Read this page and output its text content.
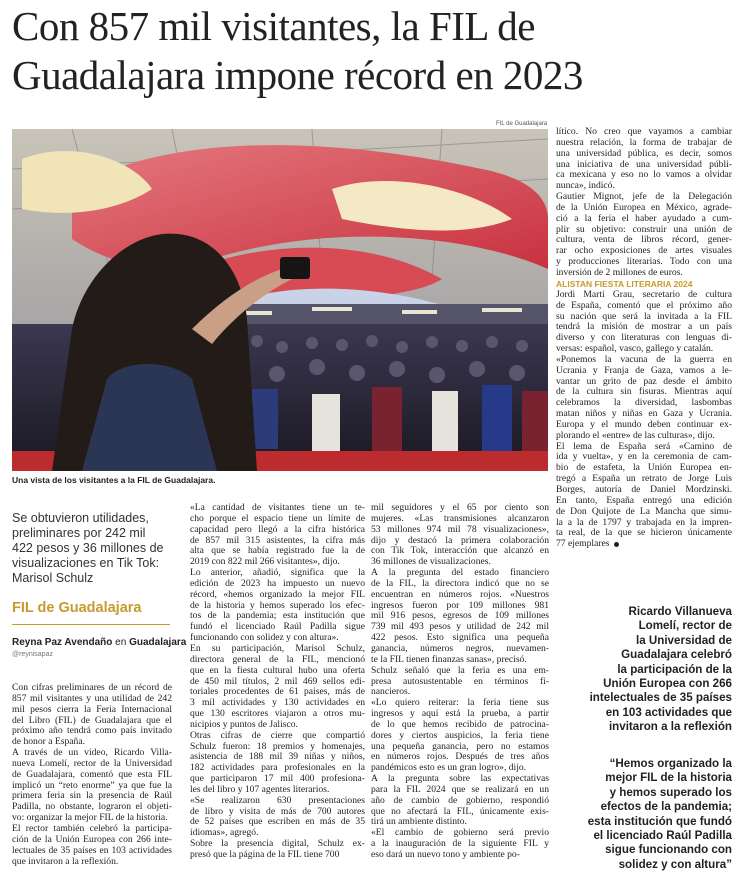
Con 857 mil visitantes, la FIL de
Guadalajara impone récord en 2023
FIL de Guadalajara
Una vista de los visitantes a la FIL de Guadalajara.
Se obtuvieron utilidades,
preliminares por 242 mil
422 pesos y 36 millones de
visualizaciones en Tik Tok:
Marisol Schulz
FIL de Guadalajara
Reyna Paz Avendaño en Guadalajara
@reynisapaz
Con cifras preliminares de un récord de
857 mil visitantes y una utilidad de 242
mil pesos cierra la Feria Internacional
del Libro (FIL) de Guadalajara que el
próximo año tendrá como país invitado
de honor a España.
A través de un video, Ricardo Villa-
nueva Lomelí, rector de la Universidad
de Guadalajara, comentó que esta FIL
implicó un “reto enorme” ya que fue la
primera feria sin la presencia de Raúl
Padilla, no obstante, lograron el objeti-
vo: organizar la mejor FIL de la historia.
El rector también celebró la participa-
ción de la Unión Europea con 266 inte-
lectuales de 35 países en 103 actividades
que invitaron a la reflexión.
«La cantidad de visitantes tiene un te-
cho porque el espacio tiene un límite de
capacidad pero llegó a la cifra histórica
de 857 mil 315 asistentes, la cifra más
alta que se había registrado fue la de
2019 con 822 mil 266 visitantes», dijo.
Lo anterior, añadió, significa que la
edición de 2023 ha impuesto un nuevo
récord, «hemos organizado la mejor FIL
de la historia y hemos superado los efec-
tos de la pandemia; esta institución que
fundó el licenciado Raúl Padilla sigue
funcionando con solidez y con altura».
En su participación, Marisol Schulz,
directora general de la FIL, mencionó
que en la fiesta cultural hubo una oferta
de 450 mil títulos, 2 mil 469 sellos edi-
toriales procedentes de 61 paises, más de
3 mil actividades y 130 actividades en
que 130 escritores viajaron a otros mu-
nicipios y puntos de Jalisco.
Otras cifras de cierre que compartió
Schulz fueron: 18 premios y homenajes,
asistencia de 188 mil 39 niñas y niños,
182 actividades para profesionales en la
que participaron 17 mil 400 profesiona-
les del libro y 107 agentes literarios.
«Se realizaron 630 presentaciones
de libro y visita de más de 700 autores
de 52 países que escriben en más de 35
idiomas», agregó.
Sobre la presencia digital, Schulz ex-
presó que la página de la FIL tiene 700
mil seguidores y el 65 por ciento son
mujeres. «Las transmisiones alcanzaron
53 millones 974 mil 78 visualizaciones»,
dijo y destacó la primera colaboración
con Tik Tok, interacción que alcanzó en
36 millones de visualizaciones.
A la pregunta del estado financiero
de la FIL, la directora indicó que no se
encuentran en números rojos. «Nuestros
ingresos fueron por 109 millones 981
mil 916 pesos, egresos de 109 millones
739 mil 493 pesos y utilidad de 242 mil
422 pesos. Esto significa una pequeña
ganancia, números negros, nuevamen-
te la FIL tienen finanzas sanas», precisó.
Schulz señaló que la feria es una em-
presa autosustentable en términos fi-
nancieros.
«Lo quiero reiterar: la feria tiene sus
ingresos y aquí está la prueba, a partir
de lo que hemos recibido de patrocina-
dores y ciertos auspicios, la feria tiene
una pequeña ganancia, pero no estamos
en números rojos. Después de tres años
pandémicos esto es un gran logro», dijo.
A la pregunta sobre las expectativas
para la FIL 2024 que se realizará en un
año de cambio de gobierno, respondió
que no afectará la FIL, únicamente exis-
tirá un ambiente distinto.
«El cambio de gobierno será previo
a la inauguración de la siguiente FIL y
eso dará un nuevo tono y ambiente po-
lítico. No creo que vayamos a cambiar
nuestra relación, la forma de trabajar de
una universidad pública, es decir, somos
una iniciativa de una universidad públi-
ca mexicana y eso no lo vamos a olvidar
nunca», indicó.
Gautier Mignot, jefe de la Delegación
de la Unión Europea en México, agrade-
ció a la feria el haber ayudado a cum-
plir su objetivo: construir una unión de
cultura, venta de libros récord, gener-
rar ocho exposiciones de artes visuales
y producciones literarias. Todo con una
inversión de 2 millones de euros.
ALISTAN FIESTA LITERARIA 2024
Jordi Martí Grau, secretario de cultura
de España, comentó que el próximo año
su nación que será la invitada a la FIL
tendrá la misión de mostrar a un país
diverso y con literaturas con lenguas di-
versas: español, vasco, gallego y catalán.
«Ponemos la vacuna de la guerra en
Ucrania y Franja de Gaza, vamos a le-
vantar un grito de paz desde el ámbito
de la cultura sin fisuras. Mientras aquí
celebramos la diversidad, lasbombas
matan niños y niñas en Gaza y Ucrania.
Europa y el mundo deben continuar ex-
plorando el «entre» de las culturas», dijo.
El lema de España será «Camino de
ida y vuelta», y en la ceremonia de cam-
bio de estafeta, la Unión Europea en-
tregó a España un retrato de Jorge Luis
Borges, autoría de Daniel Mordzinski.
En tanto, España entregó una edición
de Don Quijote de La Mancha que simu-
la a la de 1797 y trabajada en la impren-
ta real, de la que se hicieron únicamente
77 ejemplares
Ricardo Villanueva
Lomelí, rector de
la Universidad de
Guadalajara celebró
la participación de la
Unión Europea con 266
intelectuales de 35 países
en 103 actividades que
invitaron a la reflexión
“Hemos organizado la
mejor FIL de la historia
y hemos superado los
efectos de la pandemia;
esta institución que fundó
el licenciado Raúl Padilla
sigue funcionando con
solidez y con altura”
